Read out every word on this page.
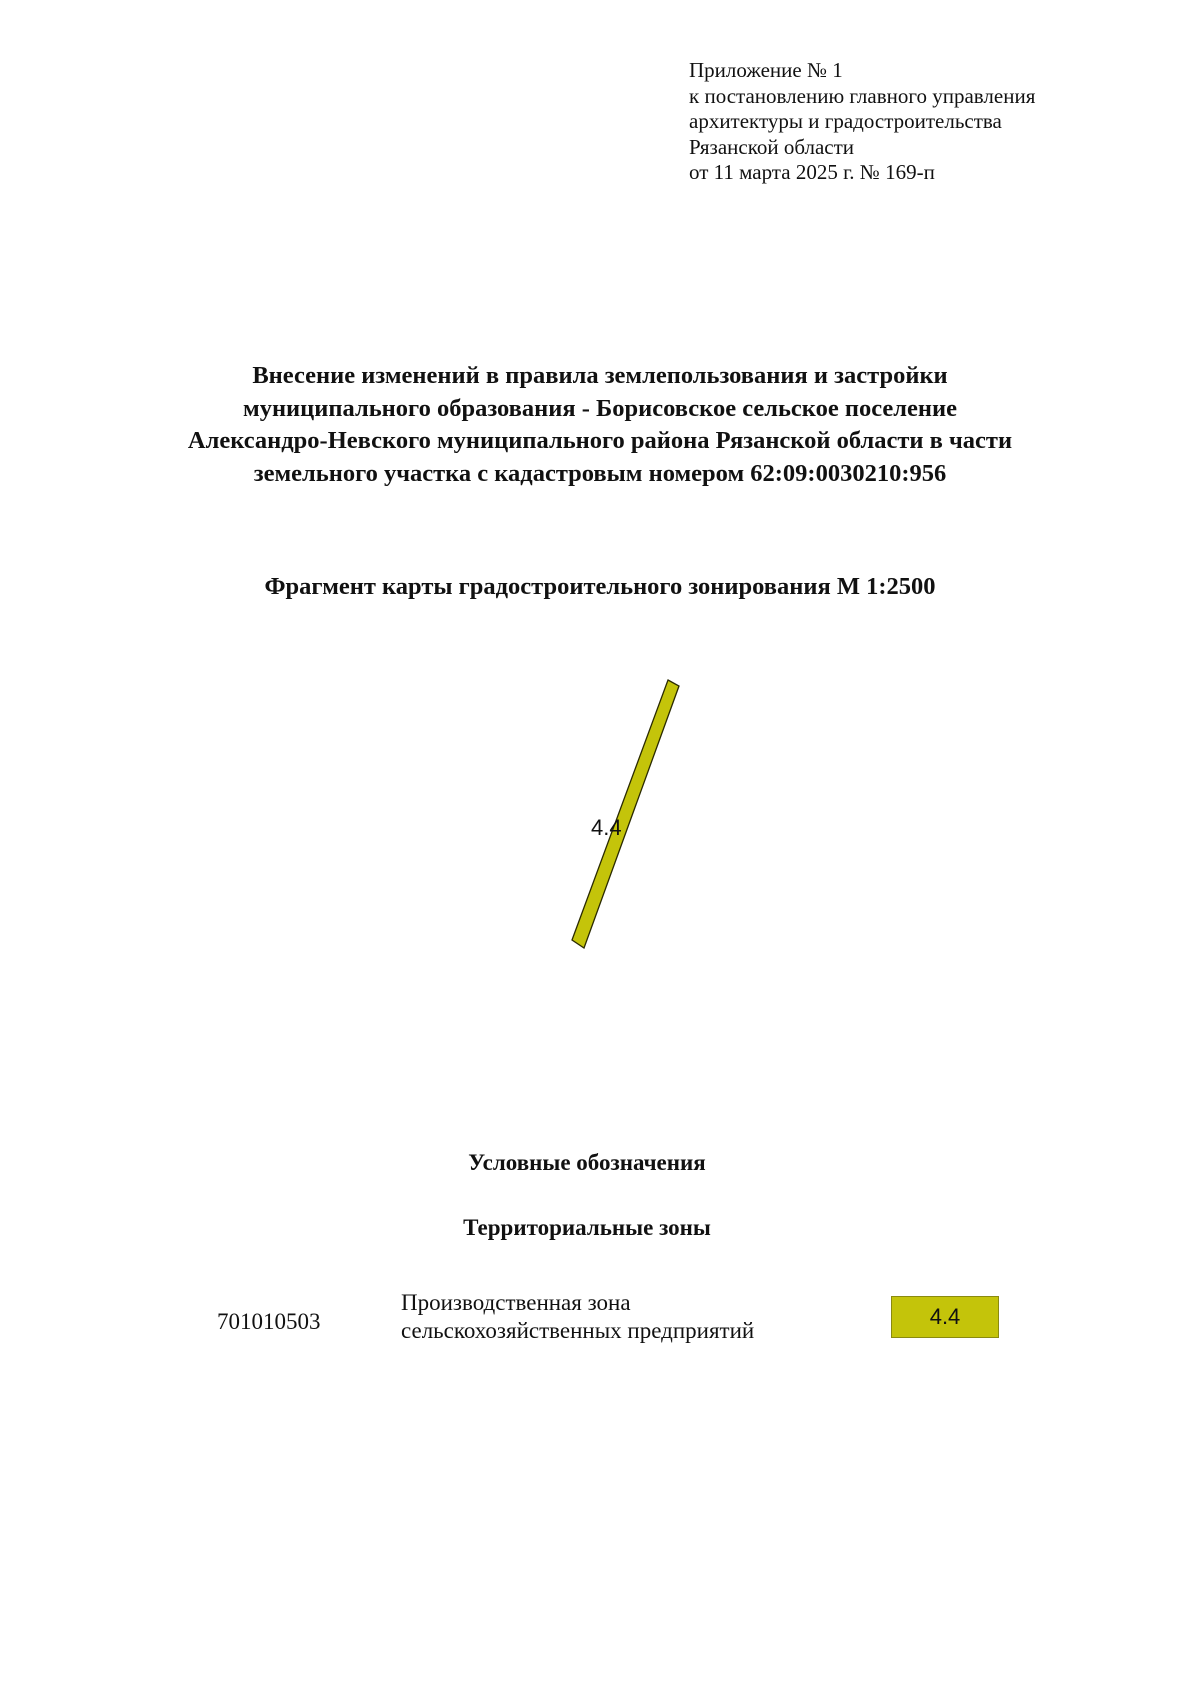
Приложение № 1
к постановлению главного управления
архитектуры и градостроительства
Рязанской области
от 11 марта 2025 г. № 169-п
Внесение изменений в правила землепользования и застройки
муниципального образования - Борисовское сельское поселение
Александро-Невского муниципального района Рязанской области в части
земельного участка с кадастровым номером 62:09:0030210:956
Фрагмент карты градостроительного зонирования М 1:2500
4.4
Условные обозначения
Территориальные зоны
701010503
Производственная зона
сельскохозяйственных предприятий
4.4
